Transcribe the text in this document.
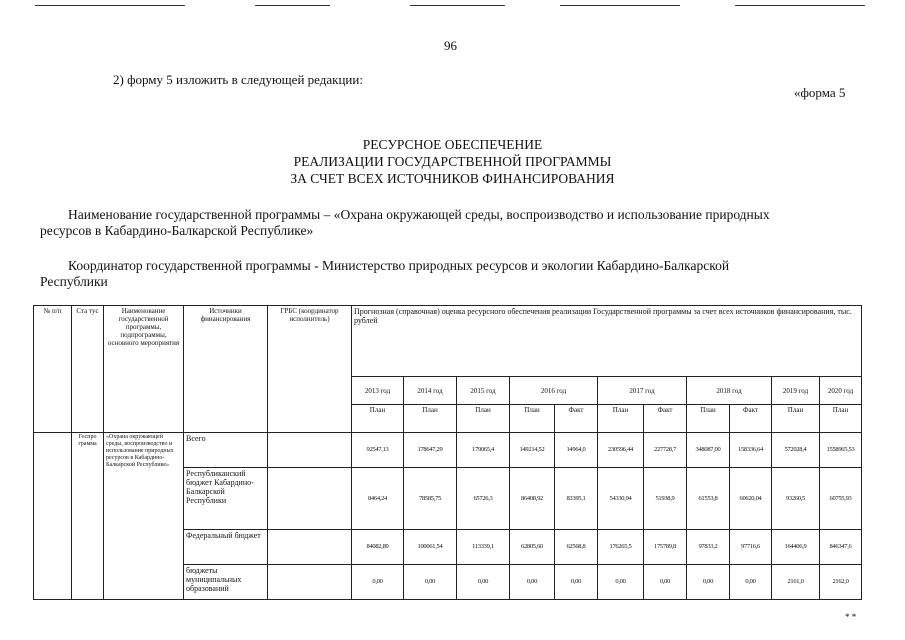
96
2) форму 5 изложить в следующей редакции:
«форма 5
РЕСУРСНОЕ ОБЕСПЕЧЕНИЕ
РЕАЛИЗАЦИИ ГОСУДАРСТВЕННОЙ ПРОГРАММЫ
ЗА СЧЕТ ВСЕХ ИСТОЧНИКОВ ФИНАНСИРОВАНИЯ
Наименование государственной программы – «Охрана окружающей среды, воспроизводство и использование природных
ресурсов в Кабардино-Балкарской Республике»
Координатор государственной программы - Министерство природных ресурсов и экологии Кабардино-Балкарской
Республики
№ п/п	Ста тус	Наименование государственной программы, подпрограммы, основного мероприятия	Источники финансирования	ГРБС (координатор исполнитель)	Прогнозная (справочная) оценка ресурсного обеспечения реализации Государственной программы за счет всех источников финансирования, тыс. рублей										
					2013 год	2014 год	2015 год	2016 год		2017 год		2018 год		2019 год	2020 год
					План	План	План	План	Факт	План	Факт	План	Факт	План	План
	Госпро грамма	«Охрана окружающей среды, воспроизводство и использование природных ресурсов в Кабардино-Балкарской Республике»	Всего		92547,13	178647,29	179065,4	149214,52	14964,0	230596,44	227728,7	348087,00	158336,64	572028,4	1558965,53
			Республиканский бюджет Кабардино-Балкарской Республики		8464,24	78585,75	65726,3	86408,92	83395,1	54330,94	51938,9	61553,8	60620,04	93260,5	60755,93
			Федеральный бюджет		84082,89	100061,54	113339,1	62805,60	62568,8	176265,5	175789,8	97833,2	97716,6	164406,9	846347,6
			бюджеты муниципальных образований		0,00	0,00	0,00	0,00	0,00	0,00	0,00	0,00	0,00	2161,0	2162,0
* *
